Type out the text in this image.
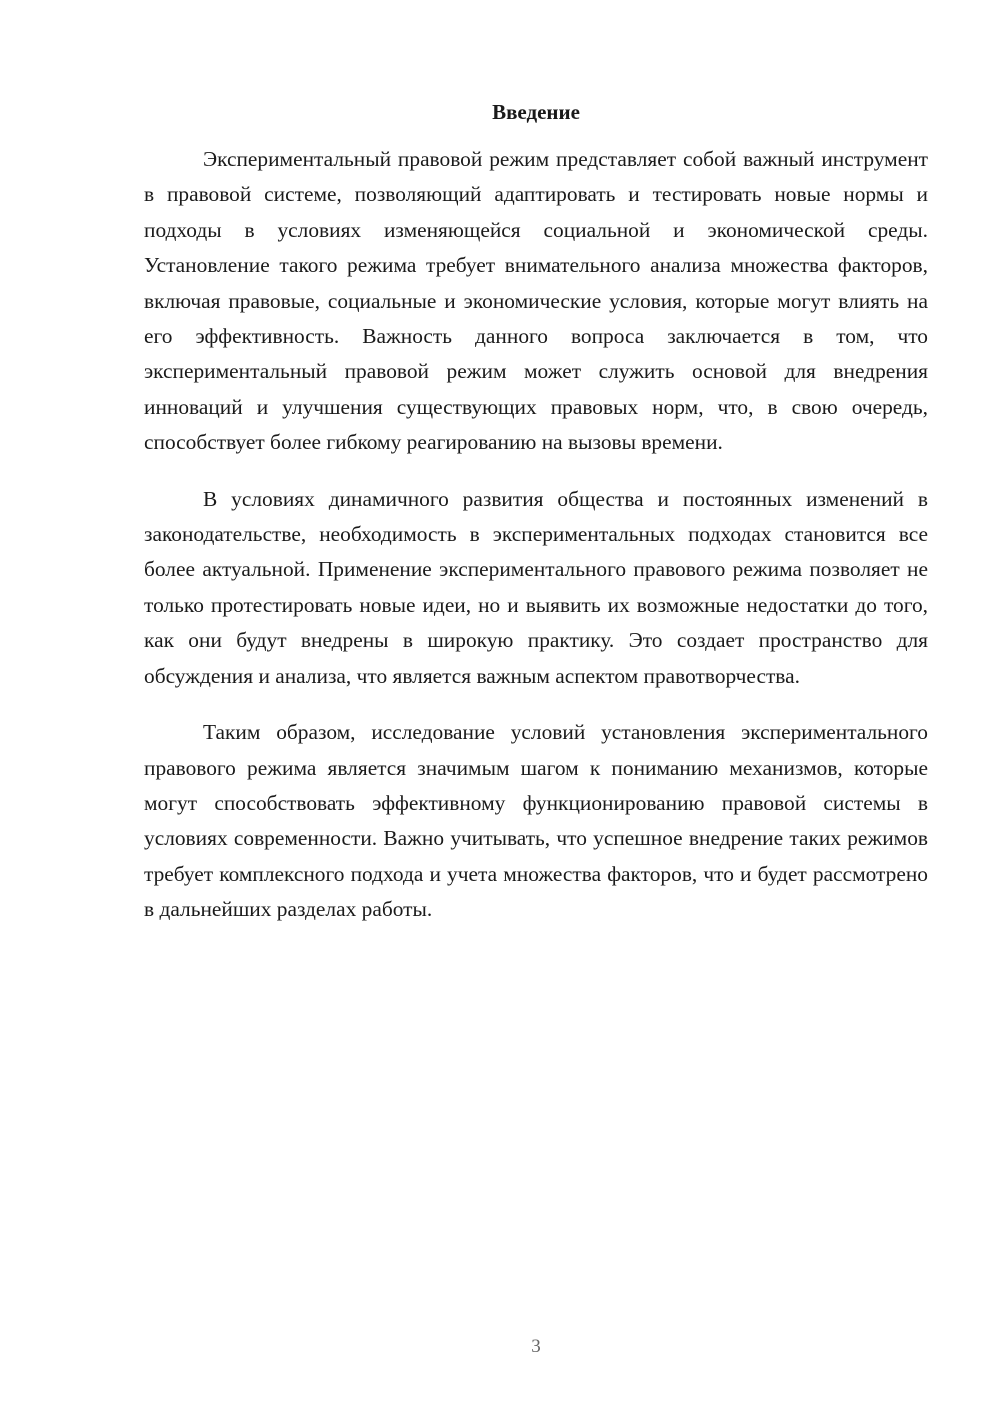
Введение

Экспериментальный правовой режим представляет собой важный инструмент в правовой системе, позволяющий адаптировать и тестировать новые нормы и подходы в условиях изменяющейся социальной и экономической среды. Установление такого режима требует внимательного анализа множества факторов, включая правовые, социальные и экономические условия, которые могут влиять на его эффективность. Важность данного вопроса заключается в том, что экспериментальный правовой режим может служить основой для внедрения инноваций и улучшения существующих правовых норм, что, в свою очередь, способствует более гибкому реагированию на вызовы времени.

В условиях динамичного развития общества и постоянных изменений в законодательстве, необходимость в экспериментальных подходах становится все более актуальной. Применение экспериментального правового режима позволяет не только протестировать новые идеи, но и выявить их возможные недостатки до того, как они будут внедрены в широкую практику. Это создает пространство для обсуждения и анализа, что является важным аспектом правотворчества.

Таким образом, исследование условий установления экспериментального правового режима является значимым шагом к пониманию механизмов, которые могут способствовать эффективному функционированию правовой системы в условиях современности. Важно учитывать, что успешное внедрение таких режимов требует комплексного подхода и учета множества факторов, что и будет рассмотрено в дальнейших разделах работы.

3
